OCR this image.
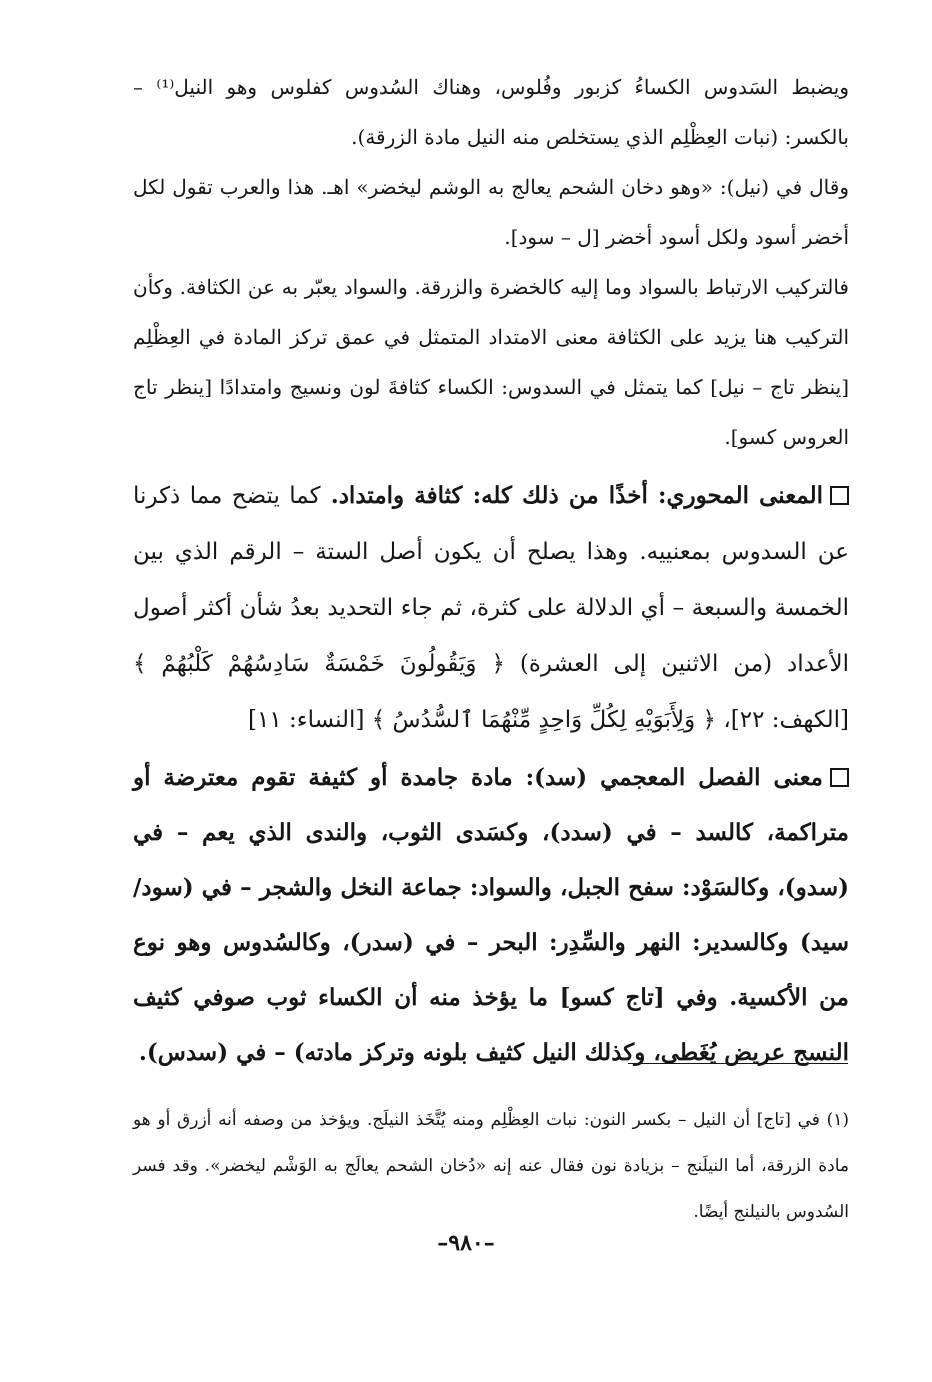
ويضبط السَدوس الكساءُ كزبور وفُلوس، وهناك السُدوس كفلوس وهو النيل⁽¹⁾ – بالكسر: (نبات العِظْلِم الذي يستخلص منه النيل مادة الزرقة).

وقال في (نيل): «وهو دخان الشحم يعالج به الوشم ليخضر» اهـ. هذا والعرب تقول لكل أخضر أسود ولكل أسود أخضر [ل – سود].

فالتركيب الارتباط بالسواد وما إليه كالخضرة والزرقة. والسواد يعبّر به عن الكثافة. وكأن التركيب هنا يزيد على الكثافة معنى الامتداد المتمثل في عمق تركز المادة في العِظْلِم [ينظر تاج – نيل] كما يتمثل في السدوس: الكساء كثافةَ لون ونسيج وامتدادًا [ينظر تاج العروس كسو].

المعنى المحوري: أخذًا من ذلك كله: كثافة وامتداد. كما يتضح مما ذكرنا عن السدوس بمعنييه. وهذا يصلح أن يكون أصل الستة – الرقم الذي بين الخمسة والسبعة – أي الدلالة على كثرة، ثم جاء التحديد بعدُ شأن أكثر أصول الأعداد (من الاثنين إلى العشرة) ﴿ وَيَقُولُونَ خَمْسَةٌ سَادِسُهُمْ كَلْبُهُمْ ﴾ [الكهف: ٢٢]، ﴿ وَلِأَبَوَيْهِ لِكُلِّ وَاحِدٍ مِّنْهُمَا ٱلسُّدُسُ ﴾ [النساء: ١١]

معنى الفصل المعجمي (سد): مادة جامدة أو كثيفة تقوم معترضة أو متراكمة، كالسد – في (سدد)، وكسَدى الثوب، والندى الذي يعم – في (سدو)، وكالسَوْد: سفح الجبل، والسواد: جماعة النخل والشجر – في (سود/ سيد) وكالسدير: النهر والسِّدِر: البحر – في (سدر)، وكالسُدوس وهو نوع من الأكسية. وفي [تاج كسو] ما يؤخذ منه أن الكساء ثوب صوفي كثيف النسج عريض يُغَطى، وكذلك النيل كثيف بلونه وتركز مادته) – في (سدس).

(١) في [تاج] أن النيل – بكسر النون: نبات العِظْلِم ومنه يُتَّخَذ النيلَج. ويؤخذ من وصفه أنه أزرق أو هو مادة الزرقة، أما النيلَنج – بزيادة نون فقال عنه إنه «دُخان الشحم يعالَج به الوَشْم ليخضر». وقد فسر السُدوس بالنيلنج أيضًا.

–٩٨٠–
